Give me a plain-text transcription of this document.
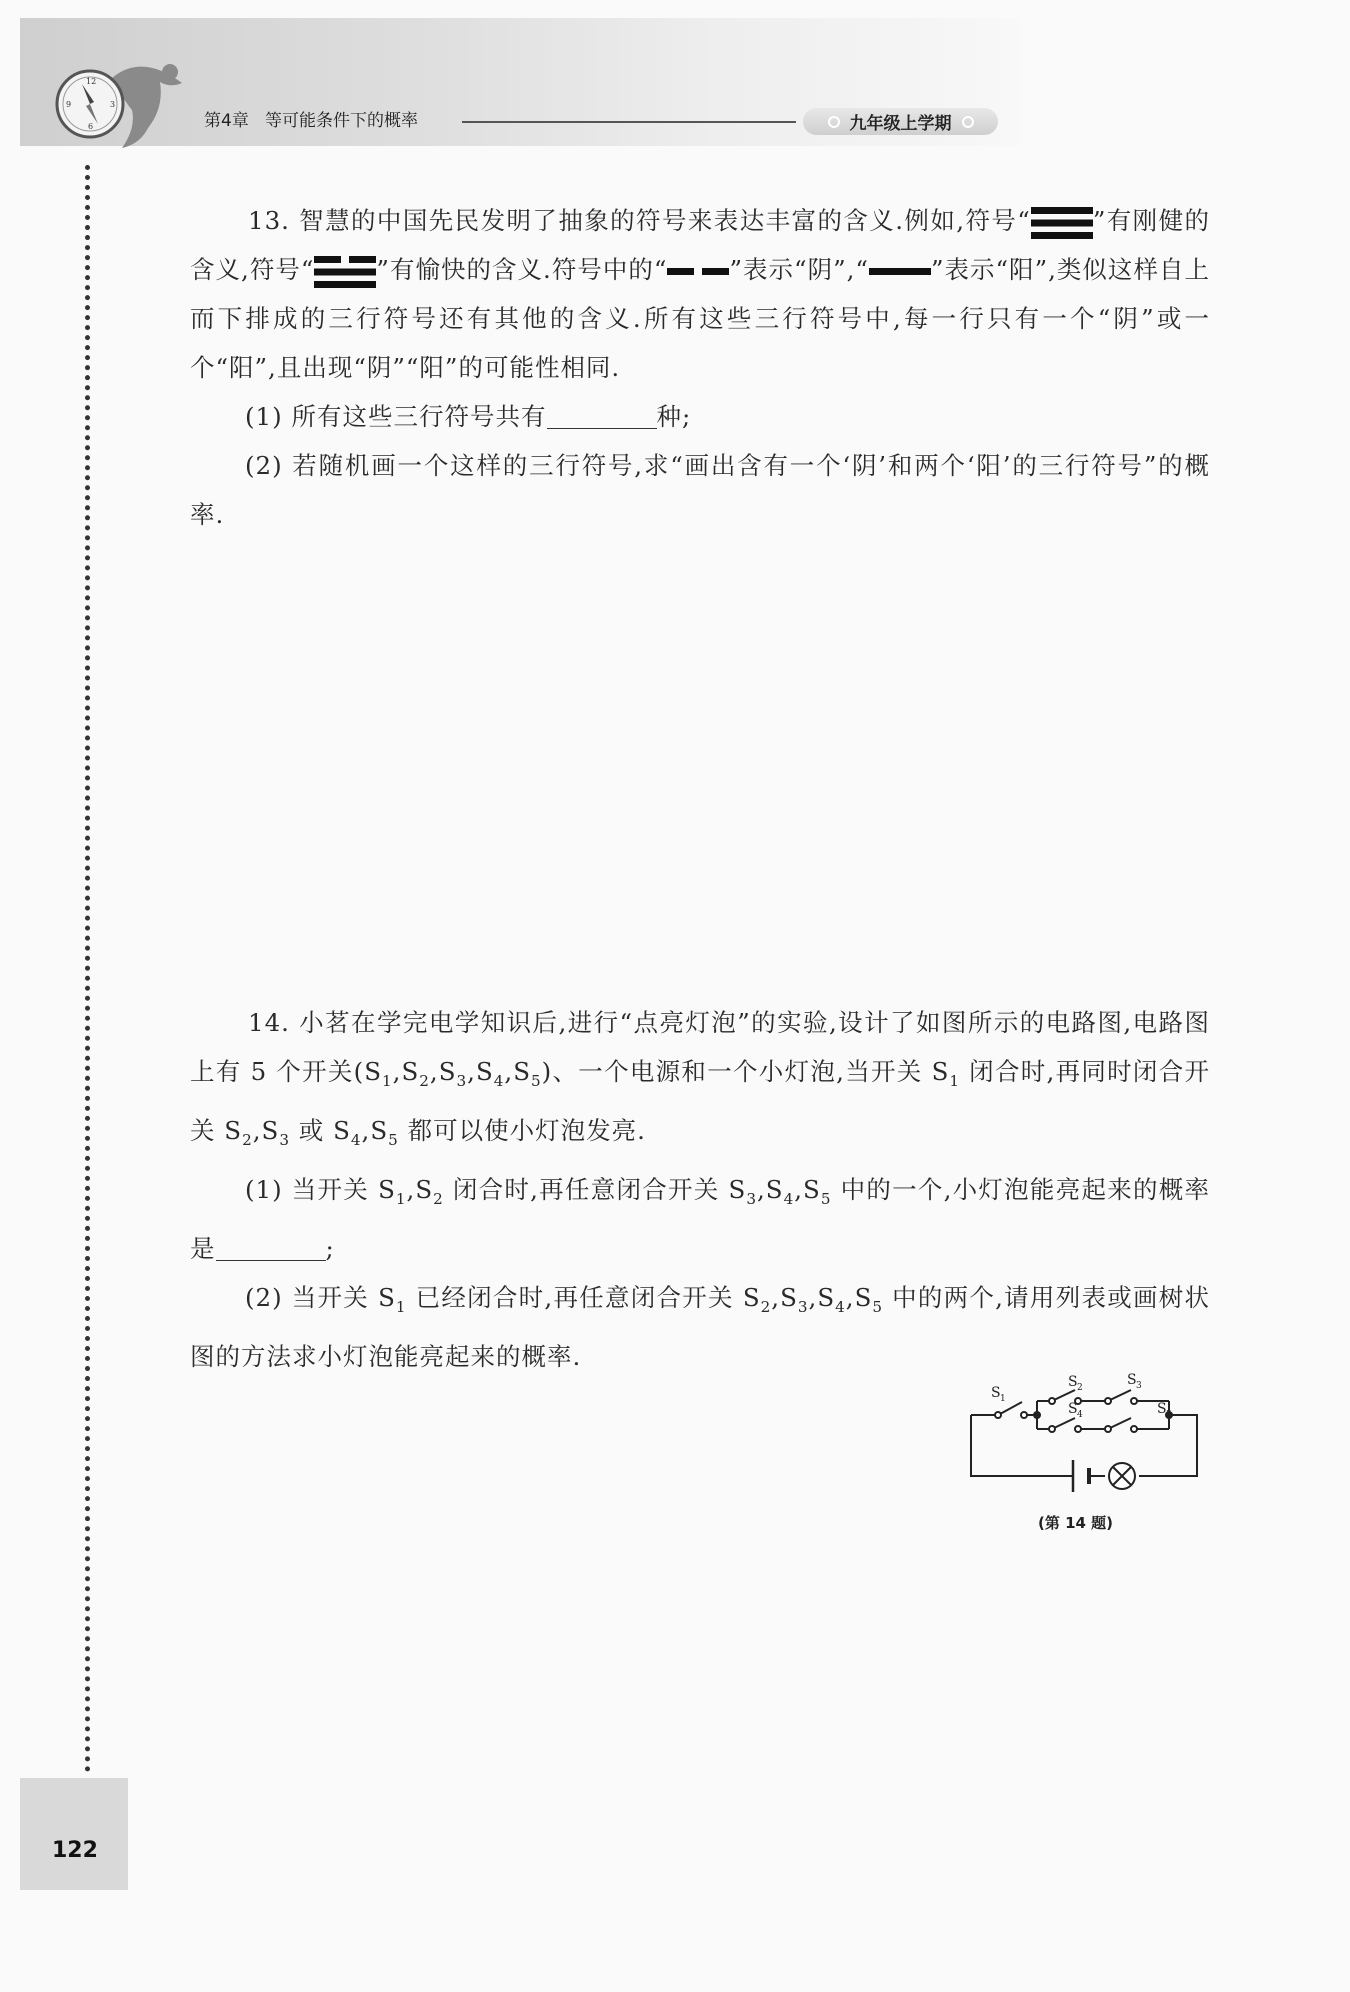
12
3
6
9
第4章 等可能条件下的概率	九年级上学期

13. 智慧的中国先民发明了抽象的符号来表达丰富的含义.例如,符号“	”有刚健的含义,符号“	”有愉快的含义.符号中的“	”表示“阴”,“	”表示“阳”,类似这样自上而下排成的三行符号还有其他的含义.所有这些三行符号中,每一行只有一个“阴”或一个“阳”,且出现“阴”“阳”的可能性相同.

(1) 所有这些三行符号共有	种;

(2) 若随机画一个这样的三行符号,求“画出含有一个‘阴’和两个‘阳’的三行符号”的概率.

14. 小茗在学完电学知识后,进行“点亮灯泡”的实验,设计了如图所示的电路图,电路图上有 5 个开关$(S_1,S_2,S_3,S_4,S_5)$、一个电源和一个小灯泡,当开关 $S_1$ 闭合时,再同时闭合开关 $S_2,S_3$ 或 $S_4,S_5$ 都可以使小灯泡发亮.

(1) 当开关 $S_1,S_2$ 闭合时,再任意闭合开关 $S_3,S_4,S_5$ 中的一个,小灯泡能亮起来的概率是	;

(2) 当开关 $S_1$ 已经闭合时,再任意闭合开关 $S_2,S_3,S_4,S_5$ 中的两个,请用列表或画树状图的方法求小灯泡能亮起来的概率.

S 1
S 2	S 3
S 4	S 5
(第 14 题)
122
